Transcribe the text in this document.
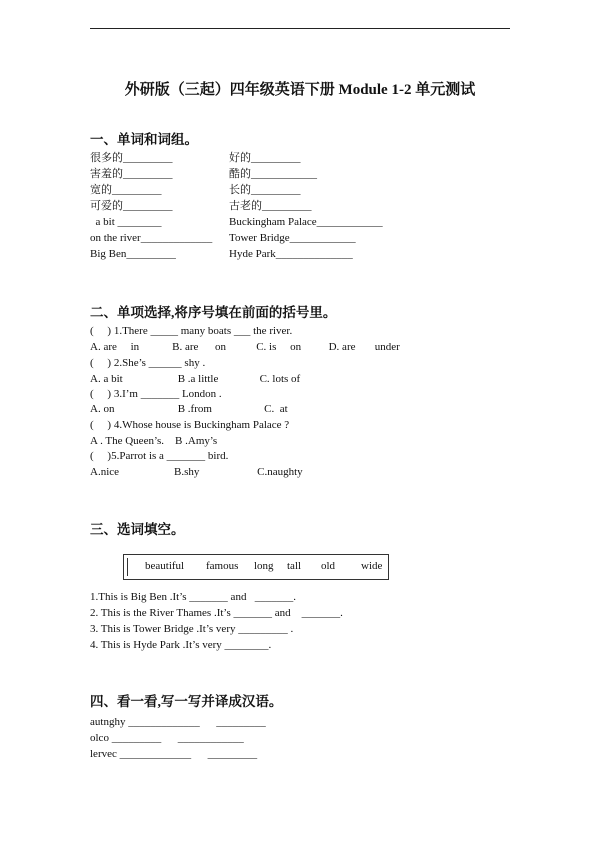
外研版（三起）四年级英语下册 Module 1-2 单元测试
一、单词和词组。
很多的_________
害羞的_________
宽的_________
可爱的_________
a bit ________
on the river_____________
Big Ben_________
好的_________
酷的____________
长的_________
古老的_________
Buckingham Palace____________
Tower Bridge____________
Hyde Park______________
二、单项选择,将序号填在前面的括号里。
(     ) 1.There _____ many boats ___ the river.
A. are     in            B. are      on           C. is     on          D. are       under
(     ) 2.She’s ______ shy .
A. a bit                    B .a little               C. lots of
(     ) 3.I’m _______ London .
A. on                       B .from                   C.  at
(     ) 4.Whose house is Buckingham Palace ?
A . The Queen’s.    B .Amy’s
(     )5.Parrot is a _______ bird.
A.nice                    B.shy                     C.naughty
三、选词填空。
beautiful famous long tall old wide
1.This is Big Ben .It’s _______ and   _______.
2. This is the River Thames .It’s _______ and    _______.
3. This is Tower Bridge .It’s very _________ .
4. This is Hyde Park .It’s very ________.
四、看一看,写一写并译成汉语。
autnghy _____________      _________
olco _________      ____________
lervec _____________      _________
